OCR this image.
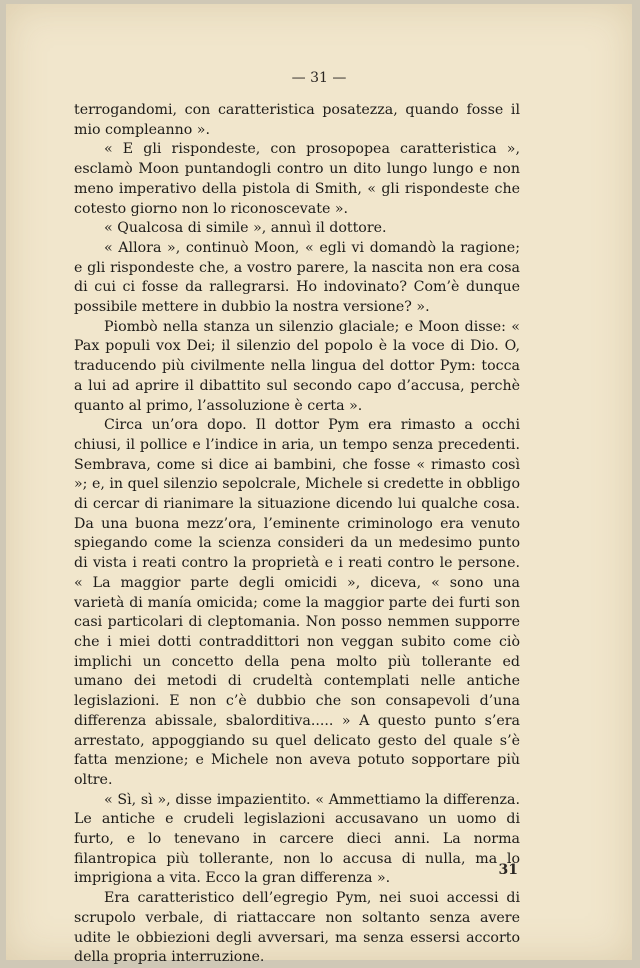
— 31 —

terrogandomi, con caratteristica posatezza, quando fosse il mio compleanno ».

« E gli rispondeste, con prosopopea caratteristica », esclamò Moon puntandogli contro un dito lungo lungo e non meno imperativo della pistola di Smith, « gli rispondeste che cotesto giorno non lo riconoscevate ».

« Qualcosa di simile », annuì il dottore.

« Allora », continuò Moon, « egli vi domandò la ragione; e gli rispondeste che, a vostro parere, la nascita non era cosa di cui ci fosse da rallegrarsi. Ho indovinato? Com’è dunque possibile mettere in dubbio la nostra versione? ».

Piombò nella stanza un silenzio glaciale; e Moon disse: « Pax populi vox Dei; il silenzio del popolo è la voce di Dio. O, traducendo più civilmente nella lingua del dottor Pym: tocca a lui ad aprire il dibattito sul secondo capo d’accusa, perchè quanto al primo, l’assoluzione è certa ».

Circa un’ora dopo. Il dottor Pym era rimasto a occhi chiusi, il pollice e l’indice in aria, un tempo senza precedenti. Sembrava, come si dice ai bambini, che fosse « rimasto così »; e, in quel silenzio sepolcrale, Michele si credette in obbligo di cercar di rianimare la situazione dicendo lui qualche cosa. Da una buona mezz’ora, l’eminente criminologo era venuto spiegando come la scienza consideri da un medesimo punto di vista i reati contro la proprietà e i reati contro le persone. « La maggior parte degli omicidi », diceva, « sono una varietà di manía omicida; come la maggior parte dei furti son casi particolari di cleptomania. Non posso nemmen supporre che i miei dotti contraddittori non veggan subito come ciò implichi un concetto della pena molto più tollerante ed umano dei metodi di crudeltà contemplati nelle antiche legislazioni. E non c’è dubbio che son consapevoli d’una differenza abissale, sbalorditiva..... » A questo punto s’era arrestato, appoggiando su quel delicato gesto del quale s’è fatta menzione; e Michele non aveva potuto sopportare più oltre.

« Sì, sì », disse impazientito. « Ammettiamo la differenza. Le antiche e crudeli legislazioni accusavano un uomo di furto, e lo tenevano in carcere dieci anni. La norma filantropica più tollerante, non lo accusa di nulla, ma lo imprigiona a vita. Ecco la gran differenza ».

Era caratteristico dell’egregio Pym, nei suoi accessi di scrupolo verbale, di riattaccare non soltanto senza avere udite le obbiezioni degli avversari, ma senza essersi accorto della propria interruzione.

31
